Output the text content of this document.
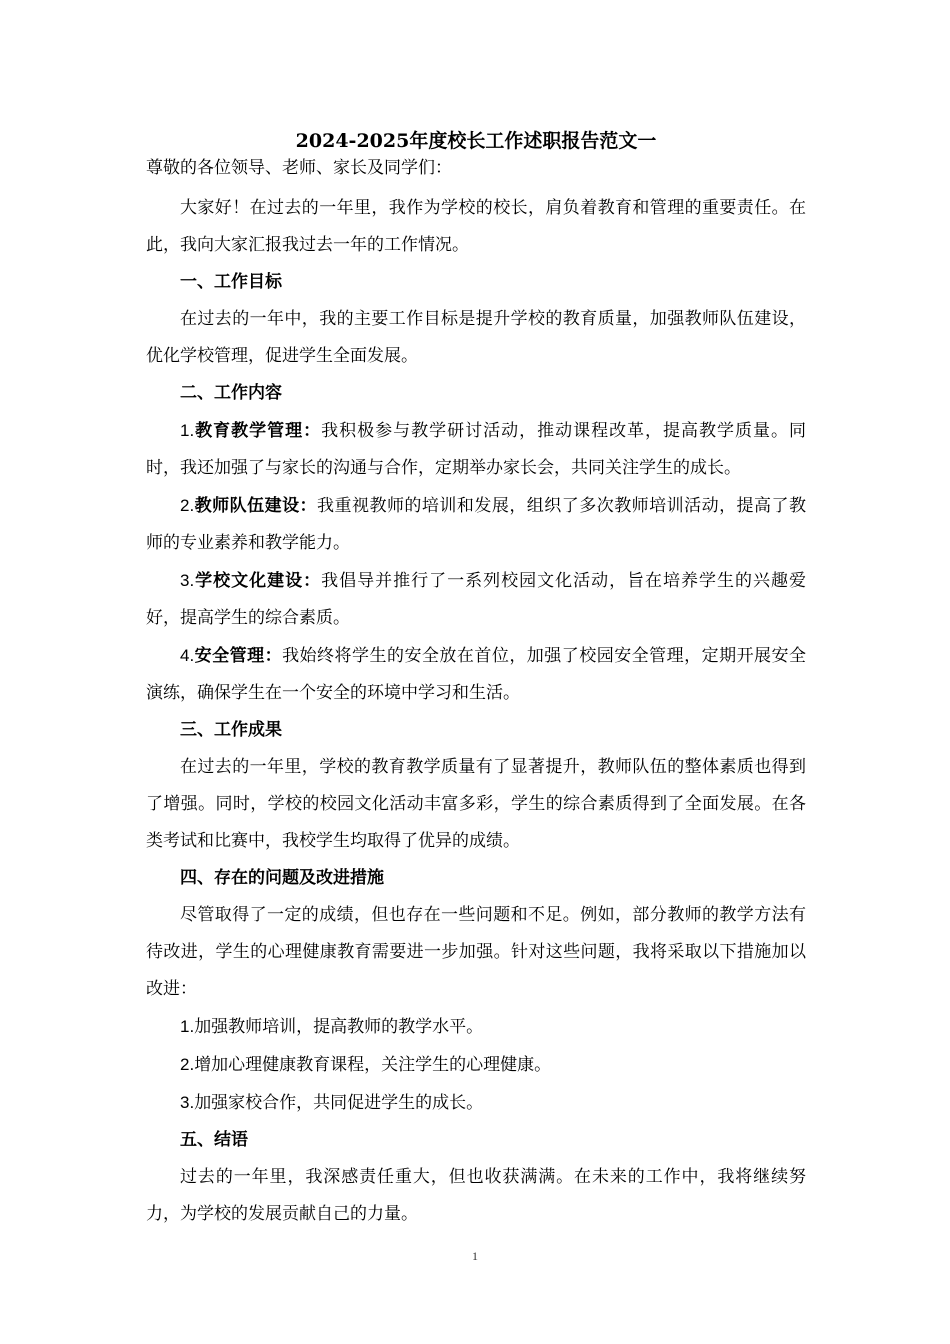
2024-2025年度校长工作述职报告范文一

尊敬的各位领导、老师、家长及同学们：

大家好！在过去的一年里，我作为学校的校长，肩负着教育和管理的重要责任。在此，我向大家汇报我过去一年的工作情况。

一、工作目标

在过去的一年中，我的主要工作目标是提升学校的教育质量，加强教师队伍建设，优化学校管理，促进学生全面发展。

二、工作内容

1.教育教学管理：我积极参与教学研讨活动，推动课程改革，提高教学质量。同时，我还加强了与家长的沟通与合作，定期举办家长会，共同关注学生的成长。

2.教师队伍建设：我重视教师的培训和发展，组织了多次教师培训活动，提高了教师的专业素养和教学能力。

3.学校文化建设：我倡导并推行了一系列校园文化活动，旨在培养学生的兴趣爱好，提高学生的综合素质。

4.安全管理：我始终将学生的安全放在首位，加强了校园安全管理，定期开展安全演练，确保学生在一个安全的环境中学习和生活。

三、工作成果

在过去的一年里，学校的教育教学质量有了显著提升，教师队伍的整体素质也得到了增强。同时，学校的校园文化活动丰富多彩，学生的综合素质得到了全面发展。在各类考试和比赛中，我校学生均取得了优异的成绩。

四、存在的问题及改进措施

尽管取得了一定的成绩，但也存在一些问题和不足。例如，部分教师的教学方法有待改进，学生的心理健康教育需要进一步加强。针对这些问题，我将采取以下措施加以改进：

1.加强教师培训，提高教师的教学水平。

2.增加心理健康教育课程，关注学生的心理健康。

3.加强家校合作，共同促进学生的成长。

五、结语

过去的一年里，我深感责任重大，但也收获满满。在未来的工作中，我将继续努力，为学校的发展贡献自己的力量。

1
